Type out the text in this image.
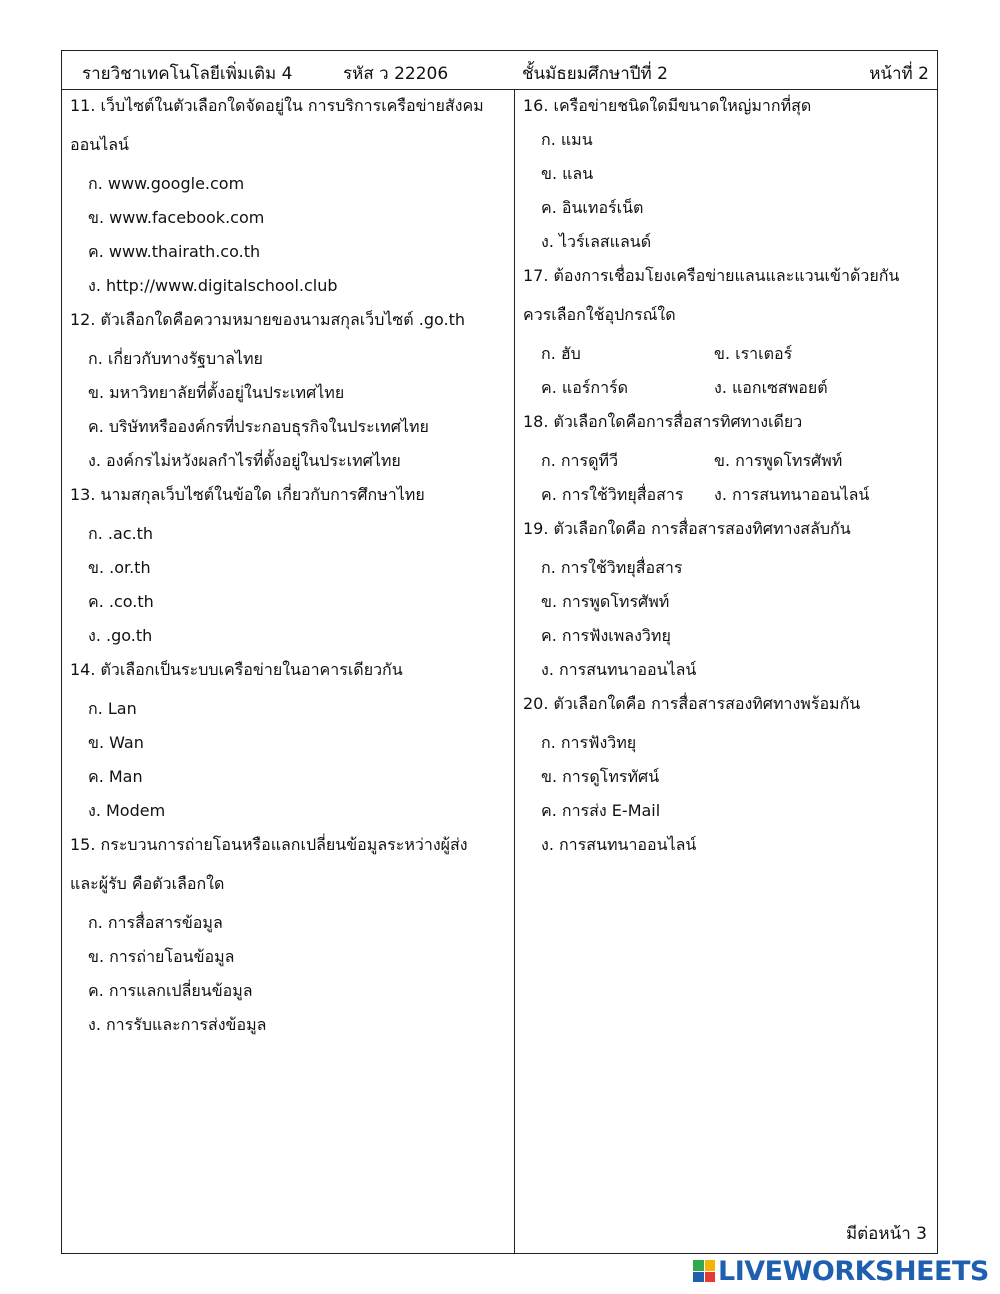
รายวิชาเทคโนโลยีเพิ่มเติม 4	รหัส ว 22206	ชั้นมัธยมศึกษาปีที่ 2	หน้าที่ 2
11. เว็บไซต์ในตัวเลือกใดจัดอยู่ใน การบริการเครือข่ายสังคม
ออนไลน์
ก. www.google.com
ข. www.facebook.com
ค. www.thairath.co.th
ง. http://www.digitalschool.club
12. ตัวเลือกใดคือความหมายของนามสกุลเว็บไซต์ .go.th
ก. เกี่ยวกับทางรัฐบาลไทย
ข. มหาวิทยาลัยที่ตั้งอยู่ในประเทศไทย
ค. บริษัทหรือองค์กรที่ประกอบธุรกิจในประเทศไทย
ง. องค์กรไม่หวังผลกำไรที่ตั้งอยู่ในประเทศไทย
13. นามสกุลเว็บไซต์ในข้อใด เกี่ยวกับการศึกษาไทย
ก. .ac.th
ข. .or.th
ค. .co.th
ง. .go.th
14. ตัวเลือกเป็นระบบเครือข่ายในอาคารเดียวกัน
ก. Lan
ข. Wan
ค. Man
ง. Modem
15. กระบวนการถ่ายโอนหรือแลกเปลี่ยนข้อมูลระหว่างผู้ส่ง
และผู้รับ คือตัวเลือกใด
ก. การสื่อสารข้อมูล
ข. การถ่ายโอนข้อมูล
ค. การแลกเปลี่ยนข้อมูล
ง. การรับและการส่งข้อมูล
16. เครือข่ายชนิดใดมีขนาดใหญ่มากที่สุด
ก. แมน
ข. แลน
ค. อินเทอร์เน็ต
ง. ไวร์เลสแลนด์
17. ต้องการเชื่อมโยงเครือข่ายแลนและแวนเข้าด้วยกัน
ควรเลือกใช้อุปกรณ์ใด
ก. ฮับ	ข. เราเตอร์
ค. แอร์การ์ด	ง. แอกเซสพอยต์
18. ตัวเลือกใดคือการสื่อสารทิศทางเดียว
ก. การดูทีวี	ข. การพูดโทรศัพท์
ค. การใช้วิทยุสื่อสาร ง. การสนทนาออนไลน์
19. ตัวเลือกใดคือ การสื่อสารสองทิศทางสลับกัน
ก. การใช้วิทยุสื่อสาร
ข. การพูดโทรศัพท์
ค. การฟังเพลงวิทยุ
ง. การสนทนาออนไลน์
20. ตัวเลือกใดคือ การสื่อสารสองทิศทางพร้อมกัน
ก. การฟังวิทยุ
ข. การดูโทรทัศน์
ค. การส่ง E-Mail
ง. การสนทนาออนไลน์
มีต่อหน้า 3
LIVEWORKSHEETS
